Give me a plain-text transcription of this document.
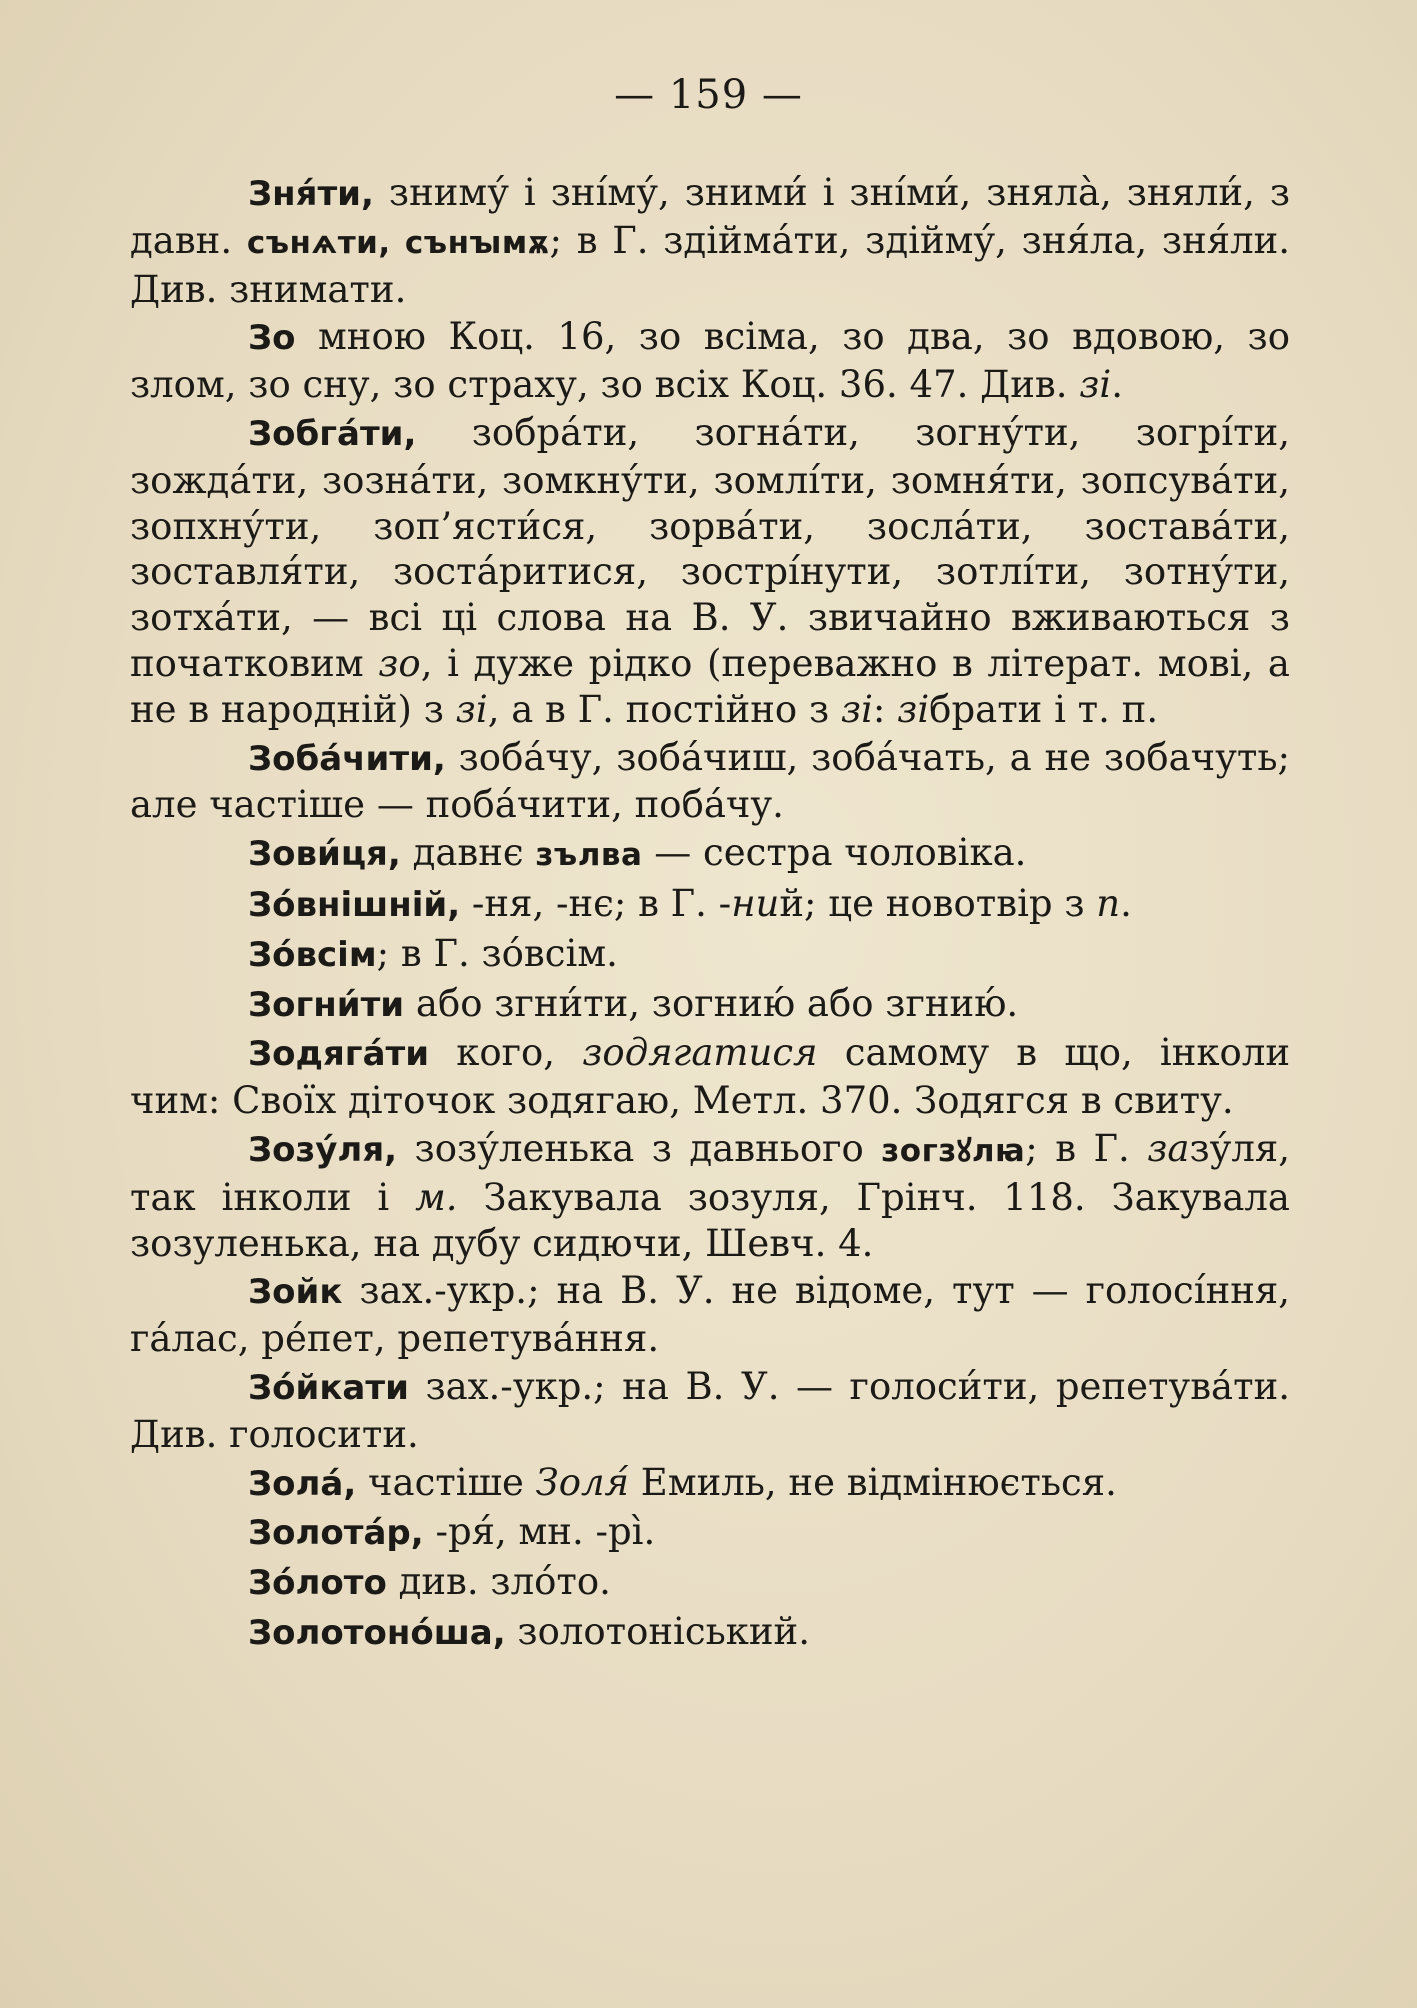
— 159 —

Зня́ти, зниму́ і зні́му́, зними́ і зні́ми́, зняла̀, зняли́, з давн. сънѧти, сънꙑмѫ; в Г. здійма́ти, здійму́, зня́ла, зня́ли. Див. знимати.

Зо мною Коц. 16, зо всіма, зо два, зо вдовою, зо злом, зо сну, зо страху, зо всіх Коц. 36. 47. Див. зі.

Зобга́ти, зобра́ти, зогна́ти, зогну́ти, зогрі́ти, зожда́ти, зозна́ти, зомкну́ти, зомлі́ти, зомня́ти, зопсува́ти, зопхну́ти, зоп’ясти́ся, зорва́ти, зосла́ти, зостава́ти, зоставля́ти, зоста́ритися, зострі́нути, зотлі́ти, зотну́ти, зотха́ти, — всі ці слова на В. У. звичайно вживаються з початковим зо, і дуже рідко (переважно в літерат. мові, а не в народній) з зі, а в Г. постійно з зі: зібрати і т. п.

Зоба́чити, зоба́чу, зоба́чиш, зоба́чать, а не зобачуть; але частіше — поба́чити, поба́чу.

Зови́ця, давнє зълва — сестра чоловіка.

Зо́внішній, -ня, -нє; в Г. -ний; це новотвір з п.

Зо́всім; в Г. зо́всім.

Зогни́ти або згни́ти, зогнию́ або згнию́.

Зодяга́ти кого, зодягатися самому в що, інколи чим: Своїх діточок зодягаю, Метл. 370. Зодягся в свиту.

Зозу́ля, зозу́ленька з давнього зогзꙋлꙗ; в Г. зазу́ля, так інколи і м. Закувала зозуля, Грінч. 118. Закувала зозуленька, на дубу сидючи, Шевч. 4.

Зойк зах.-укр.; на В. У. не відоме, тут — голосі́ння, га́лас, ре́пет, репетува́ння.

Зо́йкати зах.-укр.; на В. У. — голоси́ти, репетува́ти. Див. голосити.

Зола́, частіше Золя́ Емиль, не відмінюється.

Золота́р, -ря́, мн. -рі̀.

Зо́лото див. зло́то.

Золотоно́ша, золотоніський.
